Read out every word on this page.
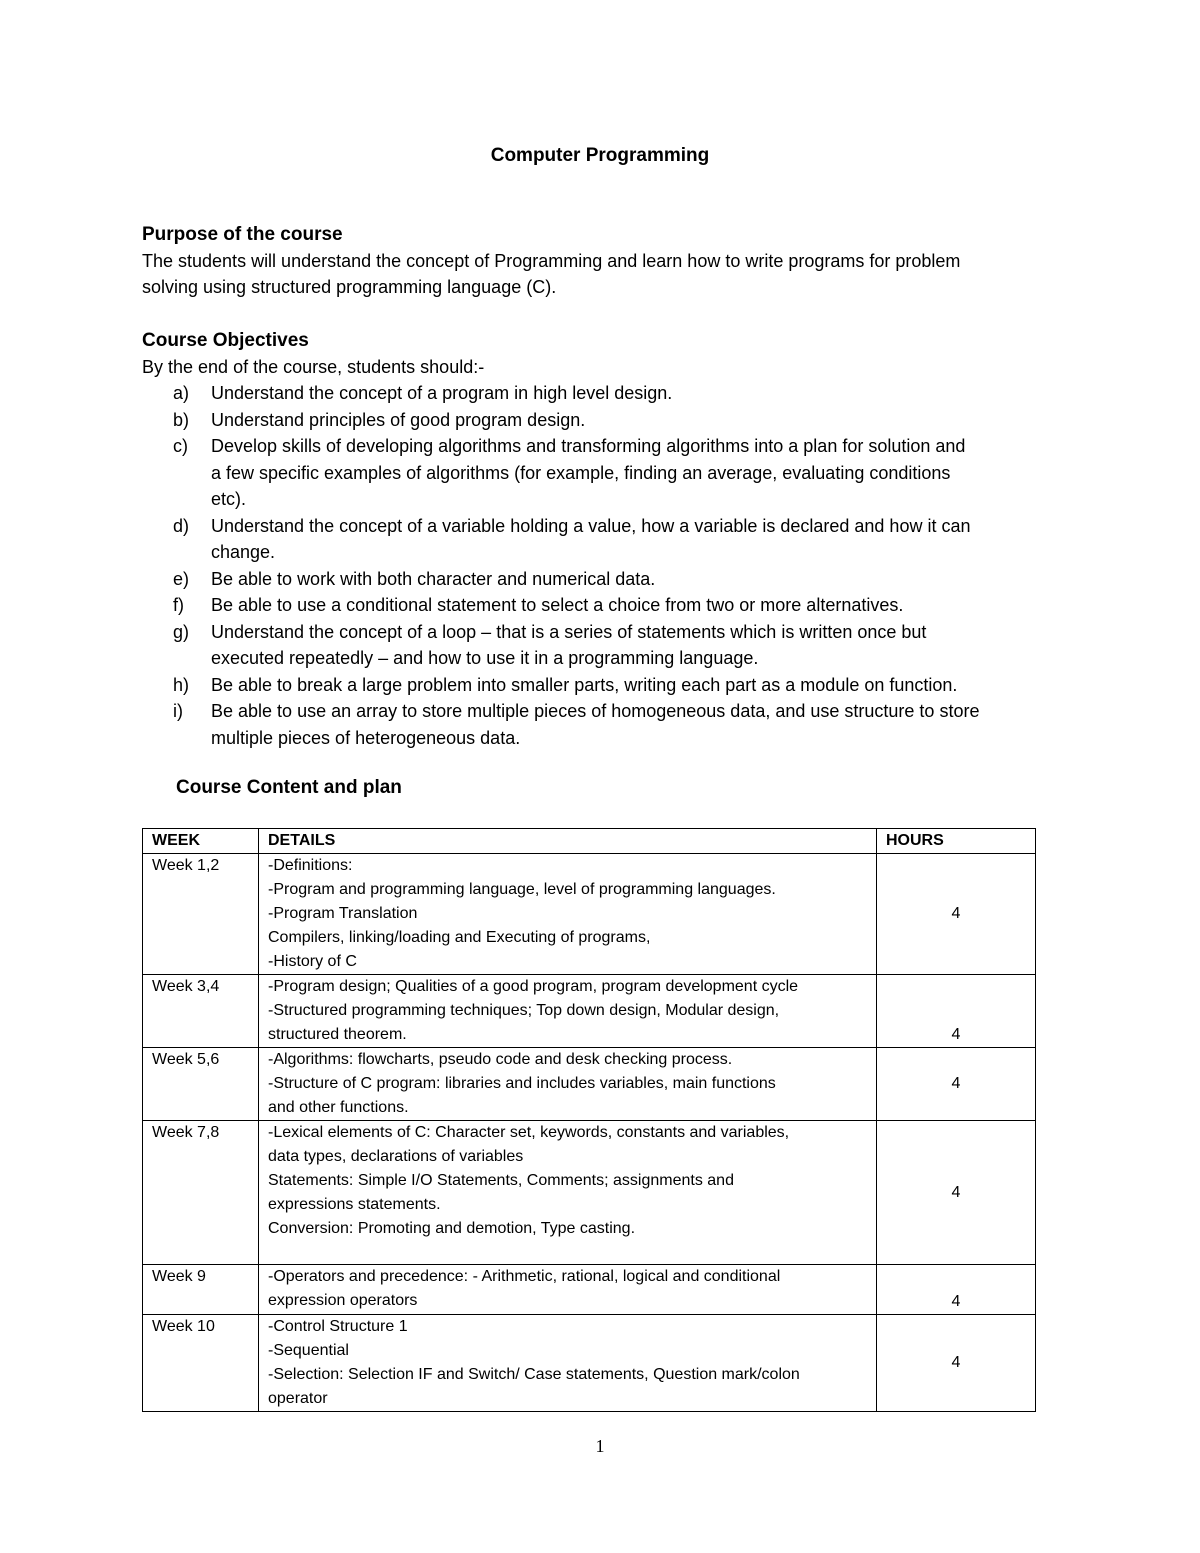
Computer Programming
Purpose of the course
The students will understand the concept of Programming and learn how to write programs for problem
solving using structured programming language (C).
Course Objectives
By the end of the course, students should:-
a) Understand the concept of a program in high level design.
b) Understand principles of good program design.
c) Develop skills of developing algorithms and transforming algorithms into a plan for solution and
a few specific examples of algorithms (for example, finding an average, evaluating conditions
etc).
d) Understand the concept of a variable holding a value, how a variable is declared and how it can
change.
e) Be able to work with both character and numerical data.
f) Be able to use a conditional statement to select a choice from two or more alternatives.
g) Understand the concept of a loop – that is a series of statements which is written once but
executed repeatedly – and how to use it in a programming language.
h) Be able to break a large problem into smaller parts, writing each part as a module on function.
i) Be able to use an array to store multiple pieces of homogeneous data, and use structure to store
multiple pieces of heterogeneous data.
Course Content and plan
WEEK	DETAILS	HOURS
Week 1,2	-Definitions:
-Program and programming language, level of programming languages.
-Program Translation
Compilers, linking/loading and Executing of programs,
-History of C	4
Week 3,4	-Program design; Qualities of a good program, program development cycle
-Structured programming techniques; Top down design, Modular design,
structured theorem.	4
Week 5,6	-Algorithms: flowcharts, pseudo code and desk checking process.
-Structure of C program: libraries and includes variables, main functions
and other functions.	4
Week 7,8	-Lexical elements of C: Character set, keywords, constants and variables,
data types, declarations of variables
Statements: Simple I/O Statements, Comments; assignments and
expressions statements.
Conversion: Promoting and demotion, Type casting.	4
Week 9	-Operators and precedence: - Arithmetic, rational, logical and conditional
expression operators	4
Week 10	-Control Structure 1
-Sequential
-Selection: Selection IF and Switch/ Case statements, Question mark/colon
operator	4
1
